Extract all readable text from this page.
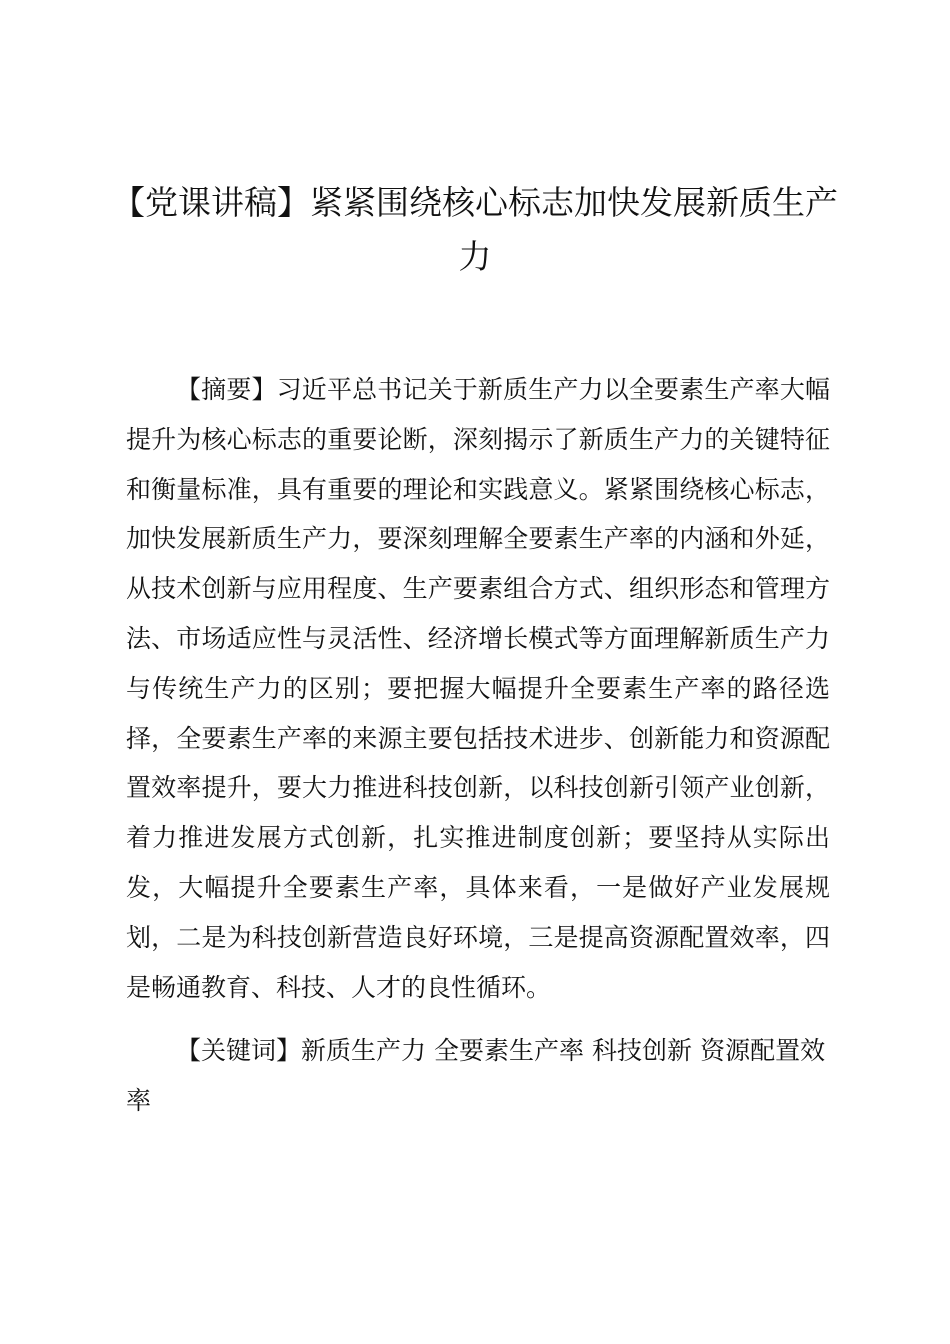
【党课讲稿】紧紧围绕核心标志加快发展新质生产力

【摘要】习近平总书记关于新质生产力以全要素生产率大幅提升为核心标志的重要论断，深刻揭示了新质生产力的关键特征和衡量标准，具有重要的理论和实践意义。紧紧围绕核心标志，加快发展新质生产力，要深刻理解全要素生产率的内涵和外延，从技术创新与应用程度、生产要素组合方式、组织形态和管理方法、市场适应性与灵活性、经济增长模式等方面理解新质生产力与传统生产力的区别；要把握大幅提升全要素生产率的路径选择，全要素生产率的来源主要包括技术进步、创新能力和资源配置效率提升，要大力推进科技创新，以科技创新引领产业创新，着力推进发展方式创新，扎实推进制度创新；要坚持从实际出发，大幅提升全要素生产率，具体来看，一是做好产业发展规划，二是为科技创新营造良好环境，三是提高资源配置效率，四是畅通教育、科技、人才的良性循环。

【关键词】新质生产力 全要素生产率 科技创新 资源配置效率
